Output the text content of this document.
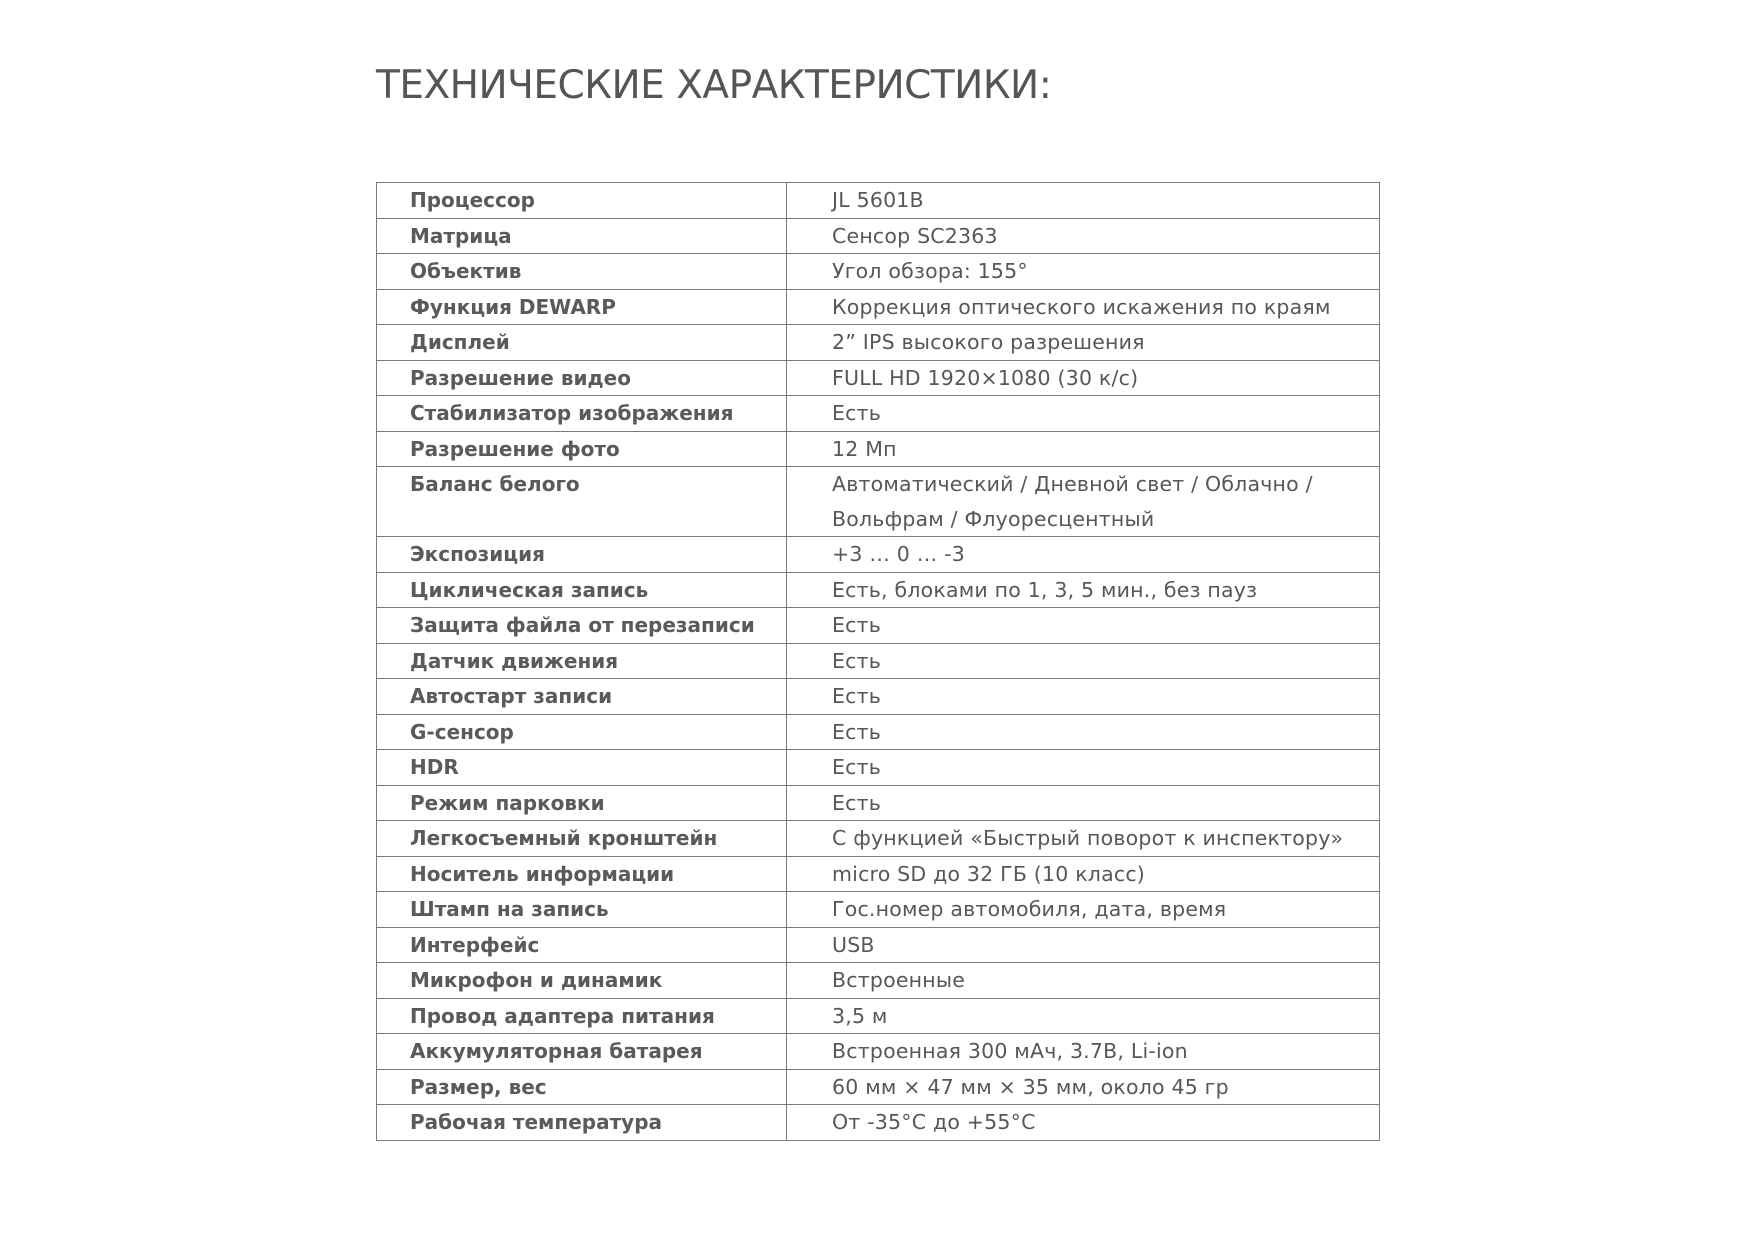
ТЕХНИЧЕСКИЕ ХАРАКТЕРИСТИКИ:
Процессор	JL 5601B
Матрица	Сенсор SC2363
Объектив	Угол обзора: 155°
Функция DEWARP	Коррекция оптического искажения по краям
Дисплей	2” IPS высокого разрешения
Разрешение видео	FULL HD 1920×1080 (30 к/с)
Стабилизатор изображения	Есть
Разрешение фото	12 Мп
Баланс белого	Автоматический / Дневной свет / Облачно / Вольфрам / Флуоресцентный
Экспозиция	+3 … 0 … -3
Циклическая запись	Есть, блоками по 1, 3, 5 мин., без пауз
Защита файла от перезаписи	Есть
Датчик движения	Есть
Автостарт записи	Есть
G-сенсор	Есть
HDR	Есть
Режим парковки	Есть
Легкосъемный кронштейн	С функцией «Быстрый поворот к инспектору»
Носитель информации	micro SD до 32 ГБ (10 класс)
Штамп на запись	Гос.номер автомобиля, дата, время
Интерфейс	USB
Микрофон и динамик	Встроенные
Провод адаптера питания	3,5 м
Аккумуляторная батарея	Встроенная 300 мАч, 3.7В, Li-ion
Размер, вес	60 мм × 47 мм × 35 мм, около 45 гр
Рабочая температура	От -35°C до +55°C
